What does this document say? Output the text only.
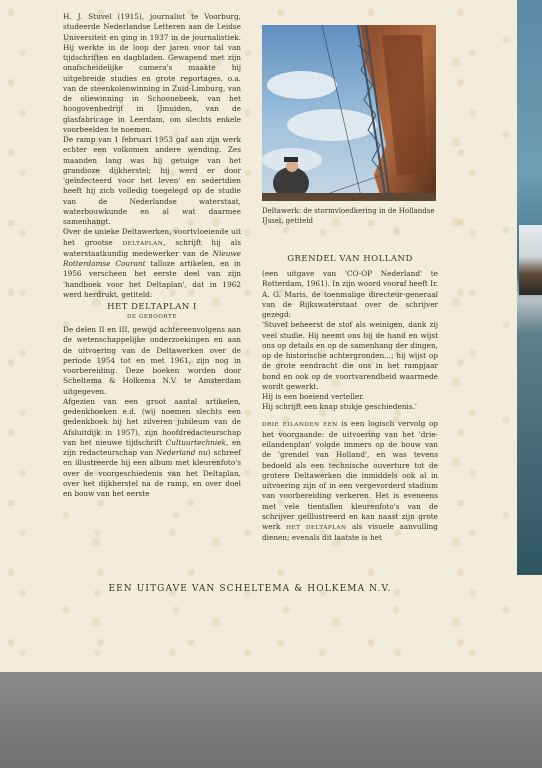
H. J. Stuvel (1915), journalist te Voorburg, studeerde Nederlandse Letteren aan de Leidse Universiteit en ging in 1937 in de journalistiek. Hij werkte in de loop der jaren voor tal van tijdschriften en dagbladen. Gewapend met zijn onafscheidelijke camera's maakte hij uitgebreide studies en grote reportages, o.a. van de steenkolenwinning in Zuid-Limburg, van de oliewinning in Schoonebeek, van het hoogovenbedrijf in IJmuiden, van de glasfabricage in Leerdam, om slechts enkele voorbeelden te noemen.

De ramp van 1 februari 1953 gaf aan zijn werk echter een volkomen andere wending. Zes maanden lang was hij getuige van het grandioze dijkherstel; hij werd er door 'geïnfecteerd voor het leven' en sedertdien heeft hij zich volledig toegelegd op de studie van de Nederlandse waterstaat, waterbouwkunde en al wat daarmee samenhangt.

Over de unieke Deltawerken, voortvloeiende uit het grootse DELTAPLAN, schrijft hij als waterstaatkundig medewerker van de Nieuwe Rotterdamse Courant talloze artikelen, en in 1956 verscheen het eerste deel van zijn 'handboek voor het Deltaplan', dat in 1962 werd herdrukt, getiteld:

HET DELTAPLAN I
DE GEBOORTE

De delen II en III, gewijd achtereenvolgens aan de wetenschappelijke onderzoekingen en aan de uitvoering van de Deltawerken over de periode 1954 tot en met 1961, zijn nog in voorbereiding. Deze boeken worden door Scheltema & Holkema N.V. te Amsterdam uitgegeven.

Afgezien van een groot aantal artikelen, gedenkboeken e.d. (wij noemen slechts een gedenkboek bij het zilveren jubileum van de Afsluitdijk in 1957), zijn hoofdredacteurschap van het nieuwe tijdschrift Cultuurtechniek, en zijn redacteurschap van Nederland nu) schreef en illustreerde hij een album met kleurenfoto's over de voorgeschiedenis van het Deltaplan, over het dijkherstel na de ramp, en over doel en bouw van het eerste

Deltawerk: de stormvloedkering in de Hollandse IJssel, getiteld
GRENDEL VAN HOLLAND

(een uitgave van 'CO-OP Nederland' te Rotterdam, 1961). In zijn woord vooraf heeft Ir. A. G. Maris, de toenmalige directeur-generaal van de Rijkswaterstaat over de schrijver gezegd:

'Stuvel beheerst de stof als weinigen, dank zij veel studie. Hij neemt ons bij de hand en wijst ons op details en op de samenhang der dingen, op de historische achtergronden...; hij wijst op de grote eendracht die ons in het rampjaar bond en ook op de voortvarendheid waarmede wordt gewerkt.

Hij is een boeiend verteller.

Hij schrijft een knap stukje geschiedenis.'

DRIE EILANDEN EEN is een logisch vervolg op het voorgaande: de uitvoering van het 'drie-eilandenplan' volgde immers op de bouw van de 'grendel van Holland', en was tevens bedoeld als een technische ouverture tot de grotere Deltawerken die inmiddels ook al in uitvoering zijn of in een vergevorderd stadium van voorbereiding verkeren. Het is eveneens met vele tientallen kleurenfoto's van de schrijver geïllustreerd en kan naast zijn grote werk HET DELTAPLAN als visuele aanvulling dienen; evenals dit laatste is het

EEN UITGAVE VAN SCHELTEMA & HOLKEMA N.V.
